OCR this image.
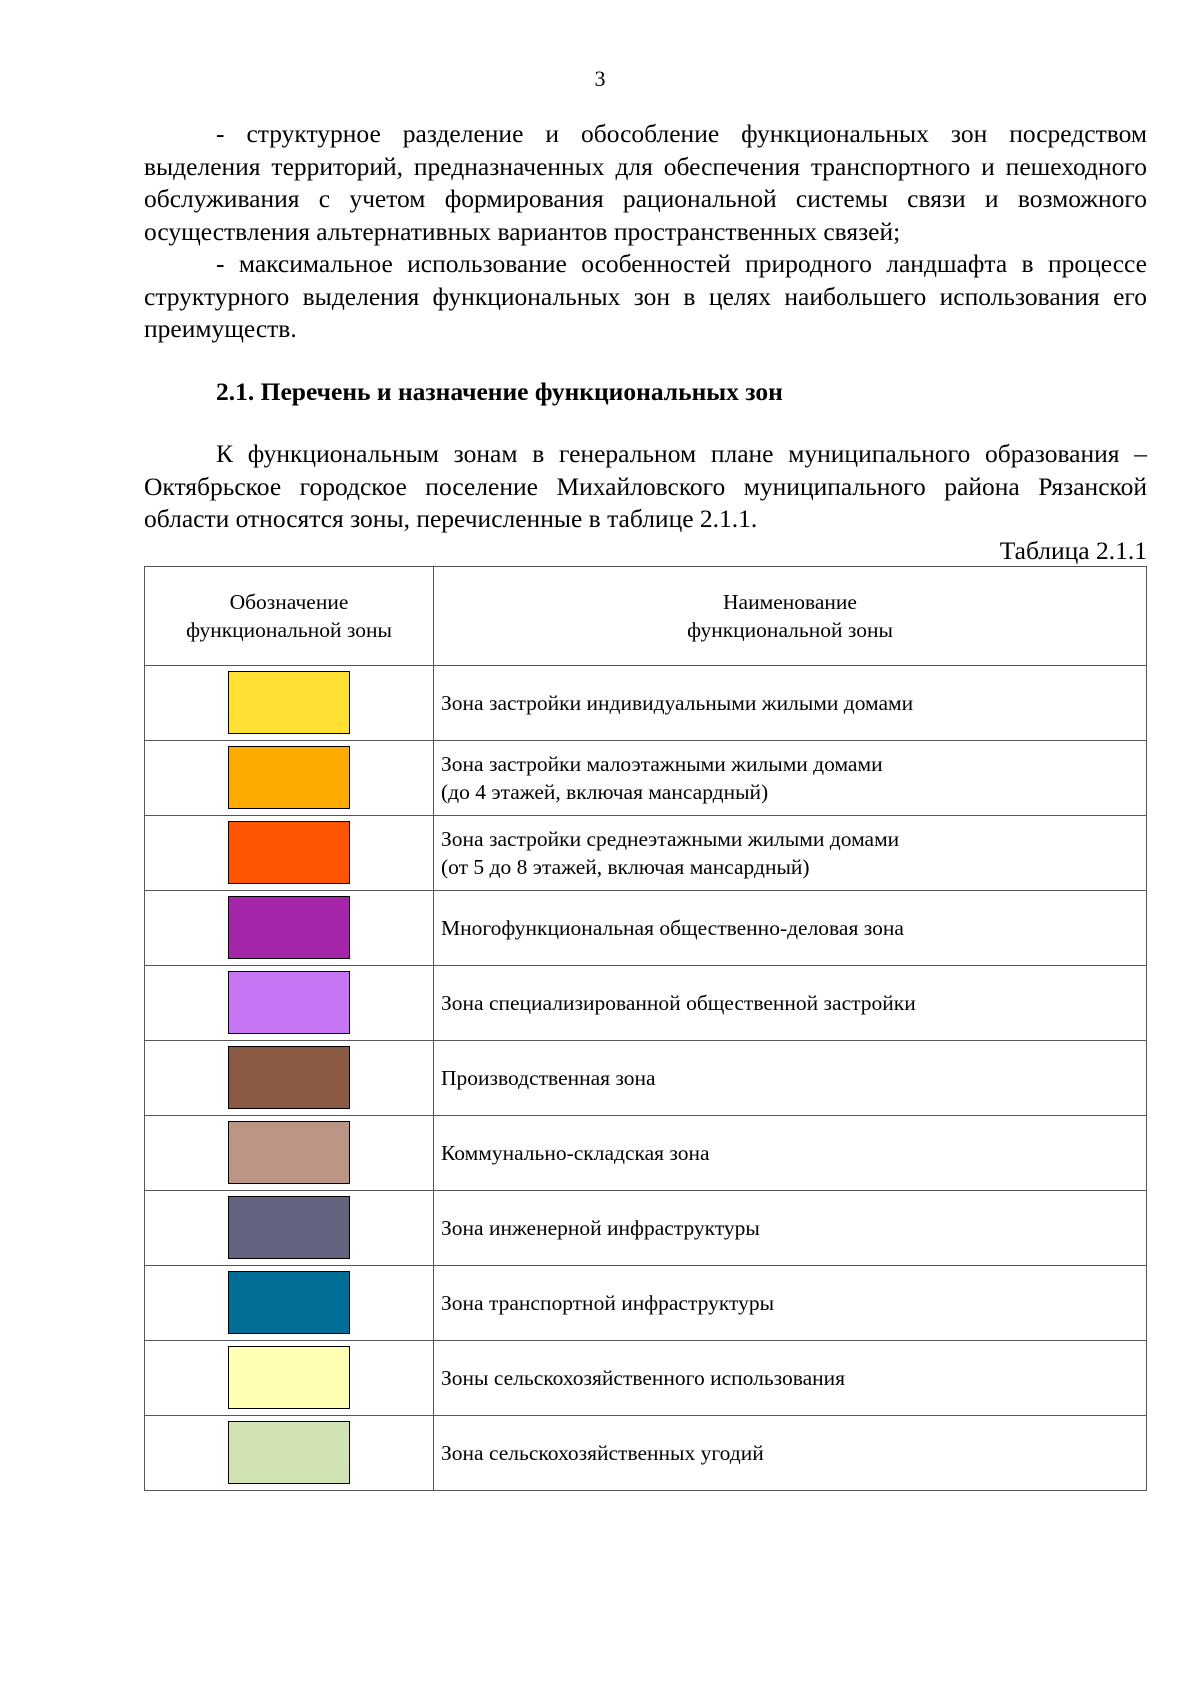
3

- структурное разделение и обособление функциональных зон посредством выделения территорий, предназначенных для обеспечения транспортного и пешеходного обслуживания с учетом формирования рациональной системы связи и возможного осуществления альтернативных вариантов пространственных связей;

- максимальное использование особенностей природного ландшафта в процессе структурного выделения функциональных зон в целях наибольшего использования его преимуществ.

2.1. Перечень и назначение функциональных зон

К функциональным зонам в генеральном плане муниципального образования – Октябрьское городское поселение Михайловского муниципального района Рязанской области относятся зоны, перечисленные в таблице 2.1.1.

Таблица 2.1.1

Обозначение функциональной зоны	Наименование функциональной зоны

	Зона застройки индивидуальными жилыми домами

	Зона застройки малоэтажными жилыми домами
(до 4 этажей, включая мансардный)

	Зона застройки среднеэтажными жилыми домами
(от 5 до 8 этажей, включая мансардный)

	Многофункциональная общественно-деловая зона

	Зона специализированной общественной застройки

	Производственная зона

	Коммунально-складская зона

	Зона инженерной инфраструктуры

	Зона транспортной инфраструктуры

	Зоны сельскохозяйственного использования

	Зона сельскохозяйственных угодий
